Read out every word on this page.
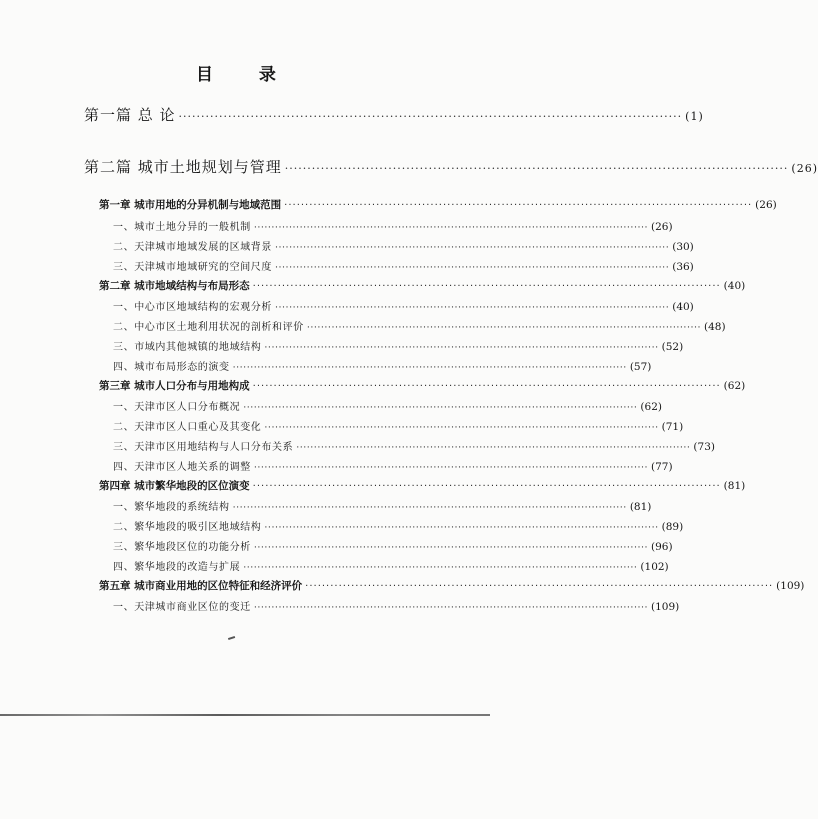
目 录
第一篇 总 论 ················································································································ (1)
第二篇 城市土地规划与管理 ················································································································ (26)
第一章 城市用地的分异机制与地域范围 ················································································································ (26)
一、城市土地分异的一般机制 ················································································································ (26)
二、天津城市地域发展的区域背景 ················································································································ (30)
三、天津城市地域研究的空间尺度 ················································································································ (36)
第二章 城市地域结构与布局形态 ················································································································ (40)
一、中心市区地域结构的宏观分析 ················································································································ (40)
二、中心市区土地利用状况的剖析和评价 ················································································································ (48)
三、市域内其他城镇的地域结构 ················································································································ (52)
四、城市布局形态的演变 ················································································································ (57)
第三章 城市人口分布与用地构成 ················································································································ (62)
一、天津市区人口分布概况 ················································································································ (62)
二、天津市区人口重心及其变化 ················································································································ (71)
三、天津市区用地结构与人口分布关系 ················································································································ (73)
四、天津市区人地关系的调整 ················································································································ (77)
第四章 城市繁华地段的区位演变 ················································································································ (81)
一、繁华地段的系统结构 ················································································································ (81)
二、繁华地段的吸引区地域结构 ················································································································ (89)
三、繁华地段区位的功能分析 ················································································································ (96)
四、繁华地段的改造与扩展 ················································································································ (102)
第五章 城市商业用地的区位特征和经济评价 ················································································································ (109)
一、天津城市商业区位的变迁 ················································································································ (109)
